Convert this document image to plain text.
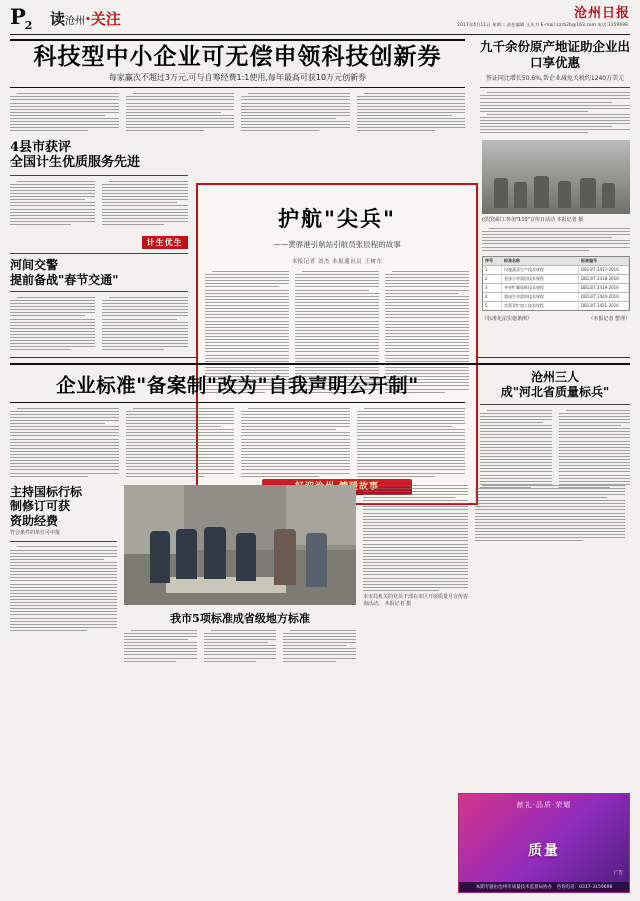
$P_2$ 读沧州·关注	沧州日报
2017年4月11日 星期二 责任编辑 王庆刀 E-mail:czrb2b@163.com 电话:3159698
科技型中小企业可无偿申领科技创新券
每家赢次不超过3万元,可与自筹经费1:1使用,每年最高可获10万元创新券
九千余份原产地证助企业出口享优惠
签证同比增长50.6%,帮企业减免关税约1240万美元
4县市获评
全国计生优质服务先进
计生优生
河间交警
提前备战"春节交通"
(供图)职工参加"110"宣传日活动 本报记者 摄
序号	标准名称	标准编号
1	设施蔬菜生产技术规程	DB13/T 2417-2016
2	金丝小枣栽培技术规程	DB13/T 2418-2016
3	冬枣贮藏保鲜技术规程	DB13/T 2419-2016
4	梨园生草栽培技术规程	DB13/T 2420-2016
5	苜蓿青贮加工技术规程	DB13/T 2421-2016
《标准化法实施条例》	（本报记者 整理）
护航"尖兵"
——黄骅港引航站引航员张辰程的故事
本报记者 刘杰 本报通讯员 王树东
企业标准"备案制"改为"自我声明公开制"	沧州三人
成"河北省质量标兵"
主持国标行标
制修订可获
资助经费
符合条件的单位可申报
我市5项标准成省级地方标准
本市局机关的党员干部在市区开展质量月宣传咨询活动。 本报记者 摄
献礼·品质·荣耀
质量
广告
本期专题由沧州市质量技术监督局协办　咨询电话：0317-3159698
